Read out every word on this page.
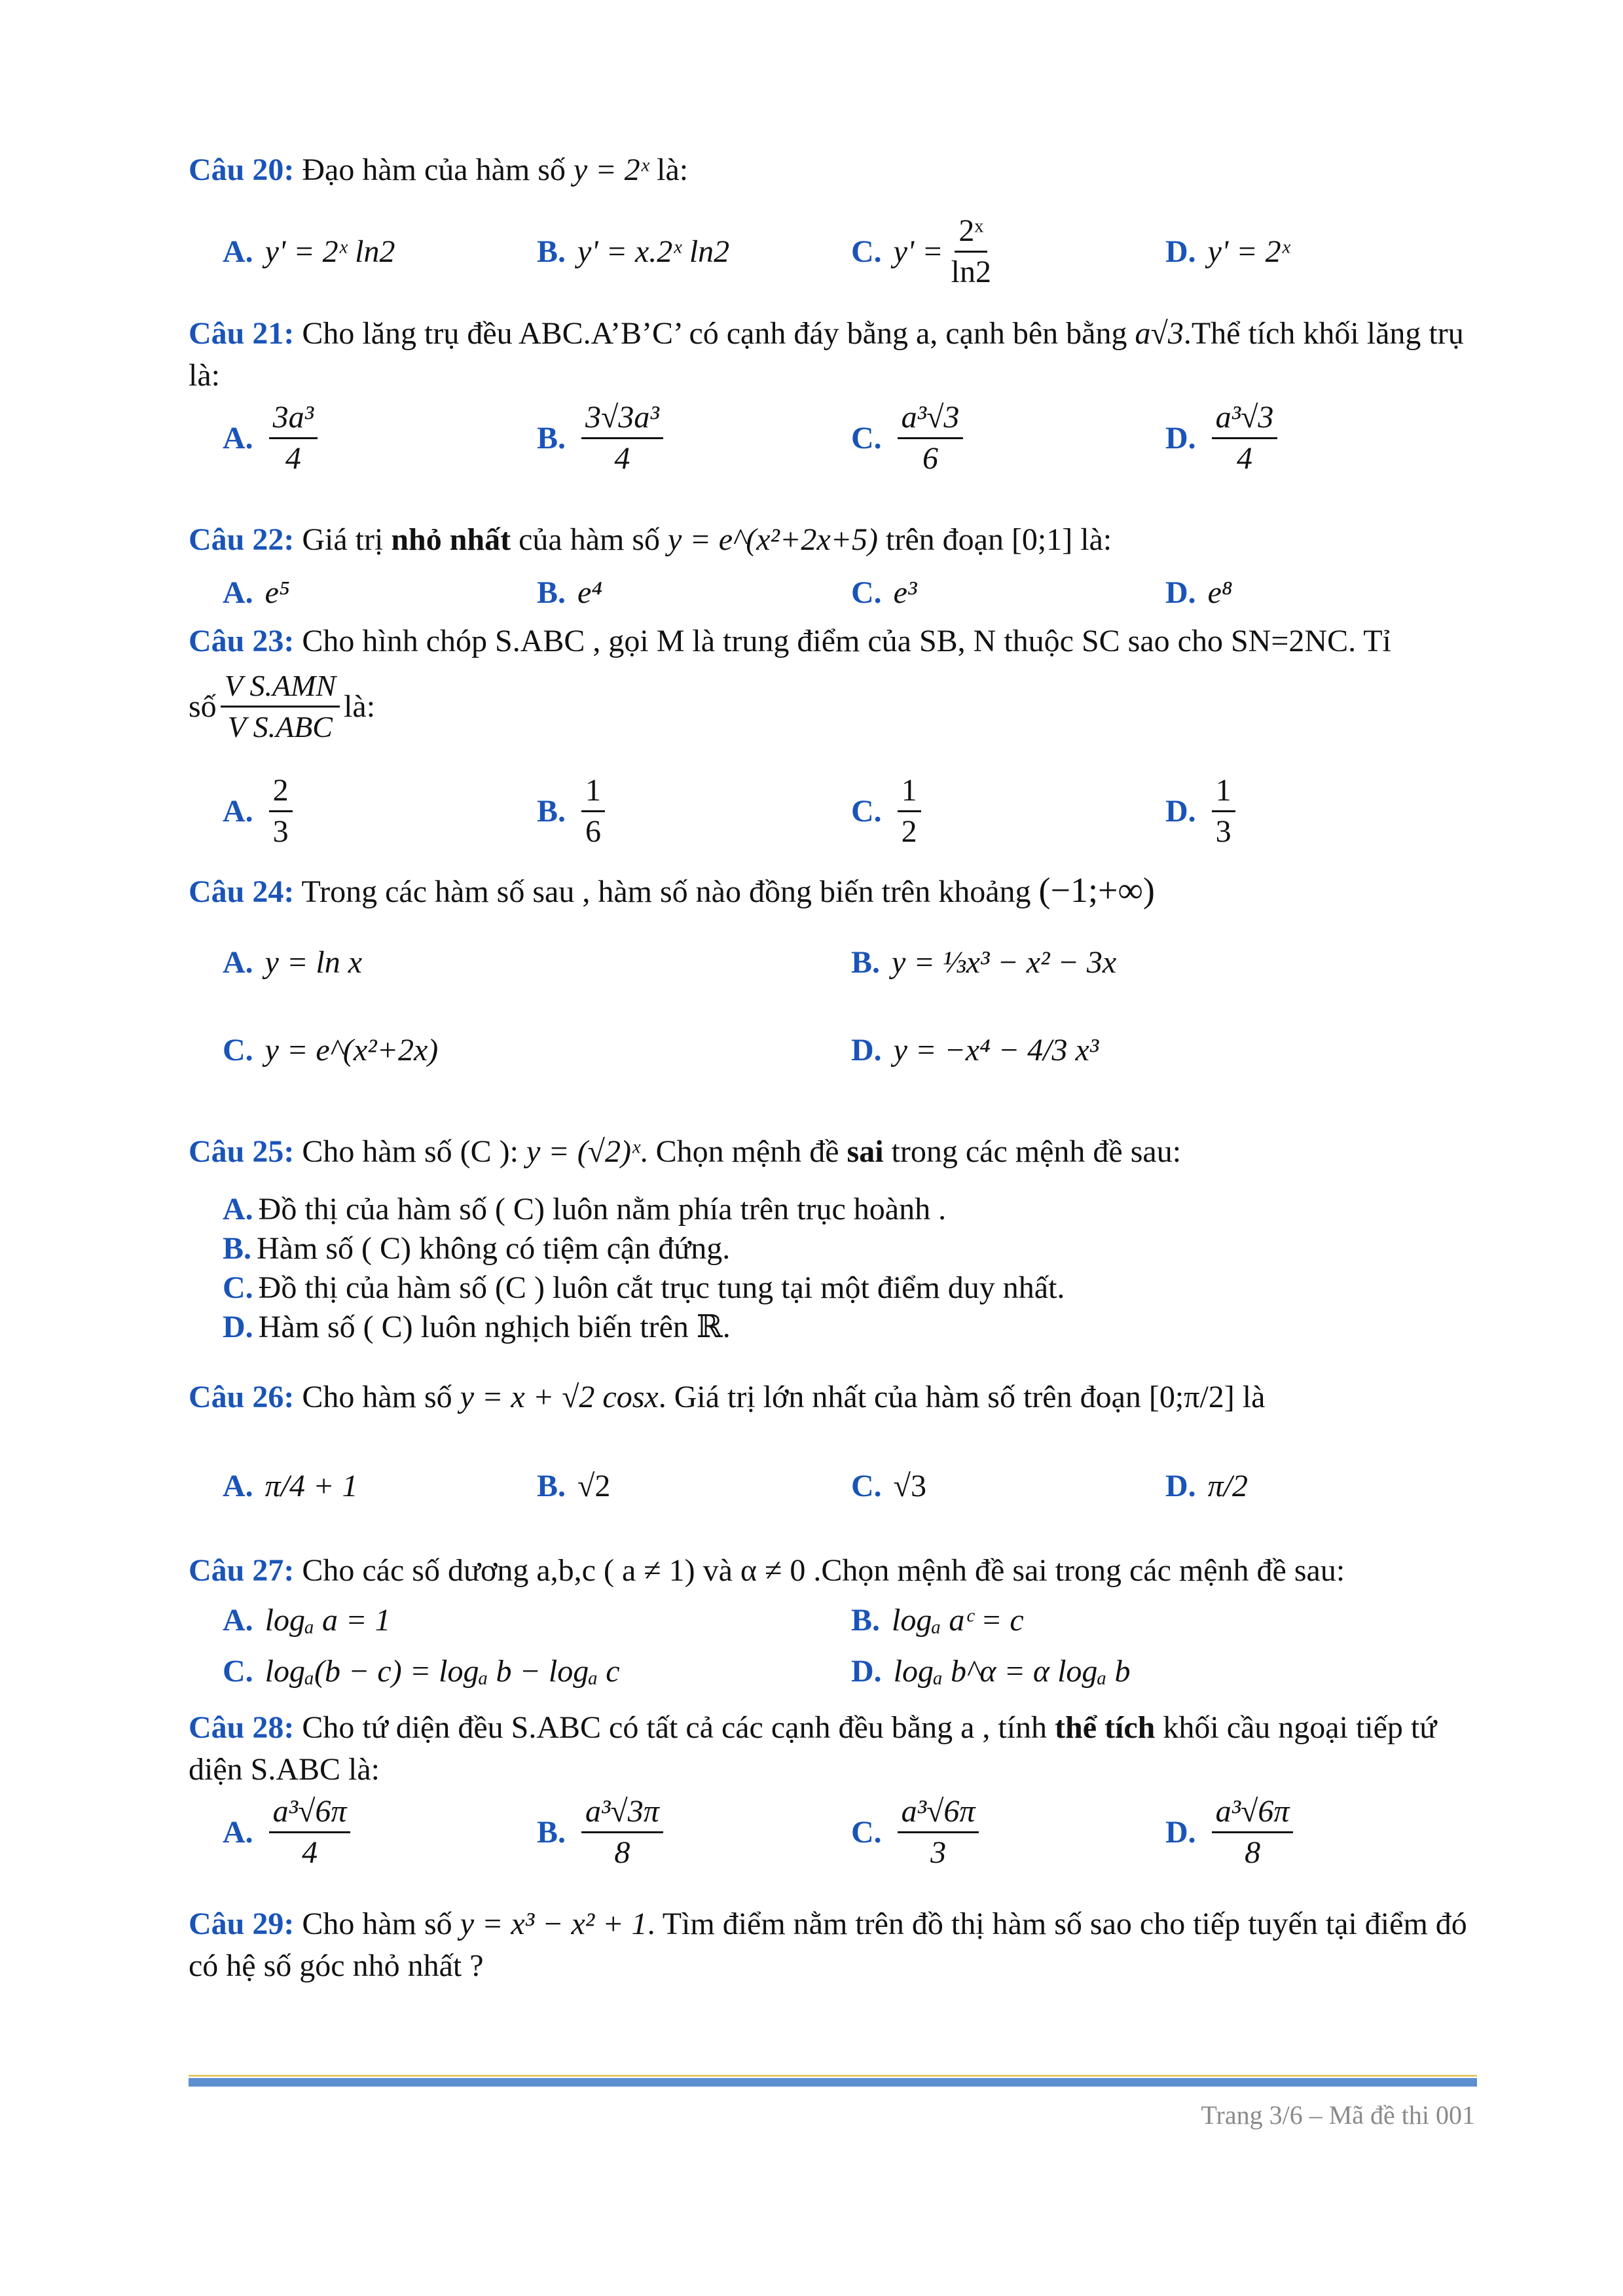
Câu 20: Đạo hàm của hàm số y = 2ˣ là:

A. y' = 2ˣ ln2	B. y' = x.2ˣ ln2	C. $y' = \frac{\text{2ˣ}}{\ln 2}$	D. y' = 2ˣ

Câu 21: Cho lăng trụ đều ABC.A’B’C’ có cạnh đáy bằng a, cạnh bên bằng a√3.Thể tích khối lăng trụ là:

A. $\frac{\text{3a³}}{4}$	B. $\frac{\text{3√3a³}}{4}$	C. $\frac{\text{a³√3}}{6}$	D. $\frac{\text{a³√3}}{4}$

Câu 22: Giá trị nhỏ nhất của hàm số y = e^(x²+2x+5) trên đoạn [0;1] là:

A. e⁵	B. e⁴	C. e³	D. e⁸

Câu 23: Cho hình chóp S.ABC , gọi M là trung điểm của SB, N thuộc SC sao cho SN=2NC. Tỉ

số $\frac{\text{V S.AMN}}{\text{V S.ABC}}$ là:
A. $\frac{2}{3}$	B. $\frac{1}{6}$	C. $\frac{1}{2}$	D. $\frac{1}{3}$

Câu 24: Trong các hàm số sau , hàm số nào đồng biến trên khoảng (−1;+∞)

A. y = ln x	B. y = ⅓x³ − x² − 3x
C. y = e^(x²+2x)	D. y = −x⁴ − 4/3 x³

Câu 25: Cho hàm số (C ): y = (√2)ˣ. Chọn mệnh đề sai trong các mệnh đề sau:

A. Đồ thị của hàm số ( C) luôn nằm phía trên trục hoành .
B. Hàm số ( C) không có tiệm cận đứng.
C. Đồ thị của hàm số (C ) luôn cắt trục tung tại một điểm duy nhất.
D. Hàm số ( C) luôn nghịch biến trên ℝ.

Câu 26: Cho hàm số y = x + √2 cosx. Giá trị lớn nhất của hàm số trên đoạn [0;π/2] là

A. π/4 + 1	B. √2	C. √3	D. π/2

Câu 27: Cho các số dương a,b,c ( a ≠ 1) và α ≠ 0 .Chọn mệnh đề sai trong các mệnh đề sau:

A. logₐ a = 1	B. logₐ aᶜ = c
C. logₐ(b − c) = logₐ b − logₐ c	D. logₐ b^α = α logₐ b

Câu 28: Cho tứ diện đều S.ABC có tất cả các cạnh đều bằng a , tính thể tích khối cầu ngoại tiếp tứ diện S.ABC là:

A. $\frac{\text{a³√6π}}{4}$	B. $\frac{\text{a³√3π}}{8}$	C. $\frac{\text{a³√6π}}{3}$	D. $\frac{\text{a³√6π}}{8}$

Câu 29: Cho hàm số y = x³ − x² + 1. Tìm điểm nằm trên đồ thị hàm số sao cho tiếp tuyến tại điểm đó có hệ số góc nhỏ nhất ?

Trang 3/6 – Mã đề thi 001
